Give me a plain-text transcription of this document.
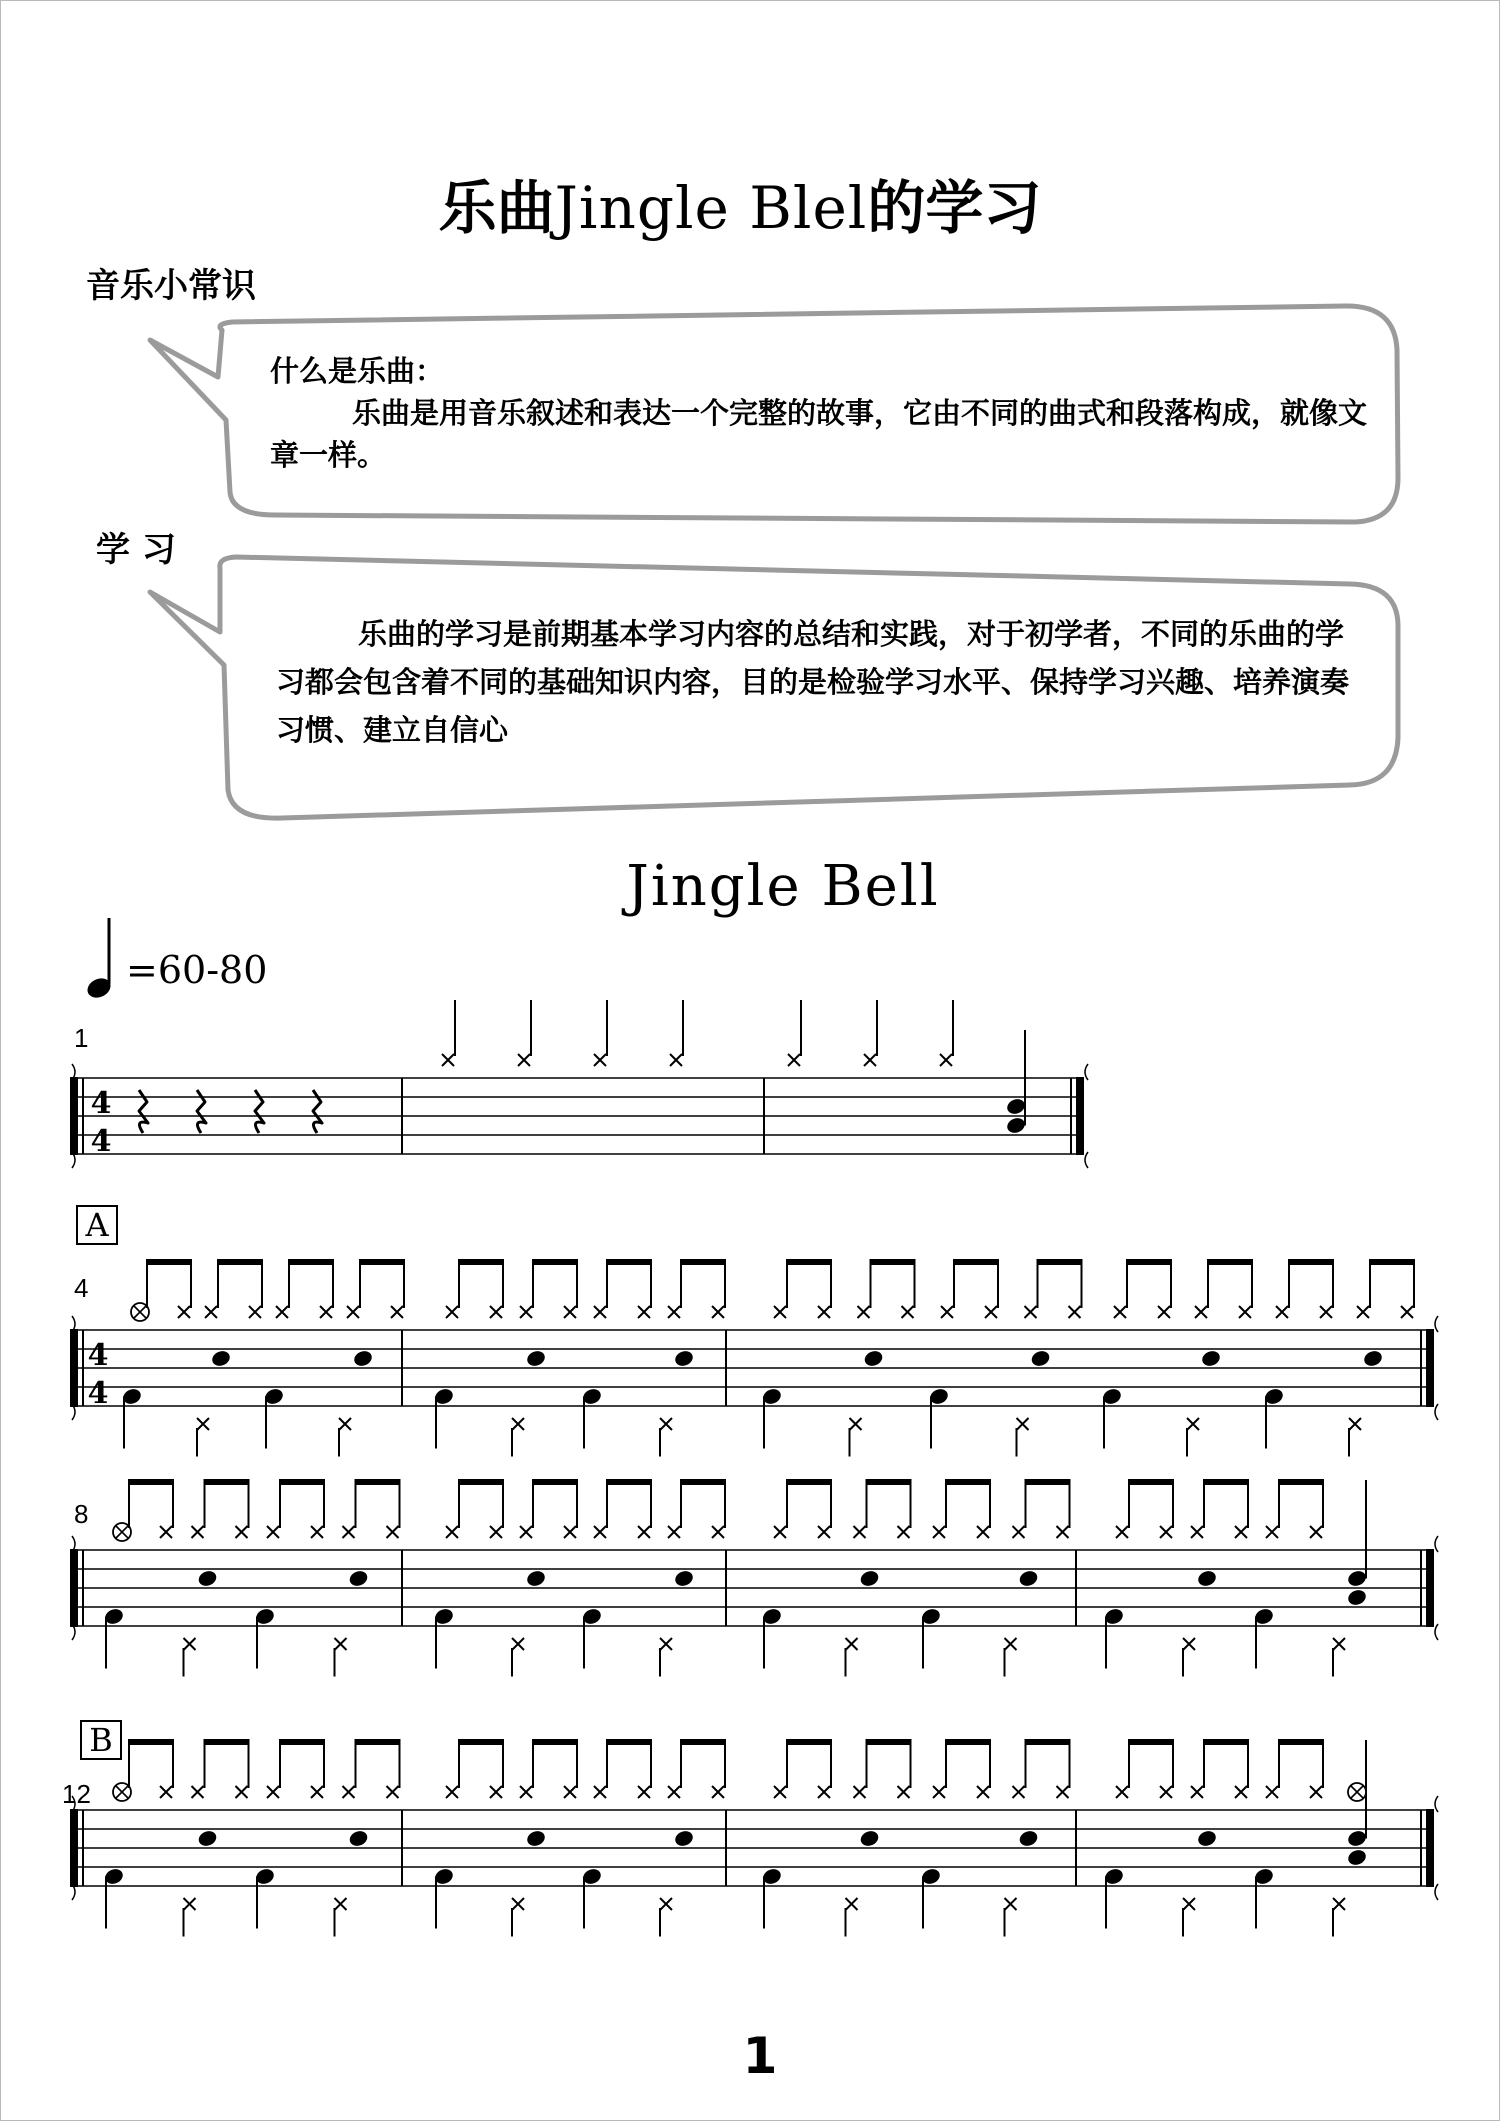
乐曲Jingle Blel的学习
音乐小常识
什么是乐曲：
乐曲是用音乐叙述和表达一个完整的故事，它由不同的曲式和段落构成，就像文章一样。
学 习
乐曲的学习是前期基本学习内容的总结和实践，对于初学者，不同的乐曲的学习都会包含着不同的基础知识内容，目的是检验学习水平、保持学习兴趣、培养演奏习惯、建立自信心
Jingle Bell
=60-80
1
A
4
8
B
12
1
4
4
4
4
